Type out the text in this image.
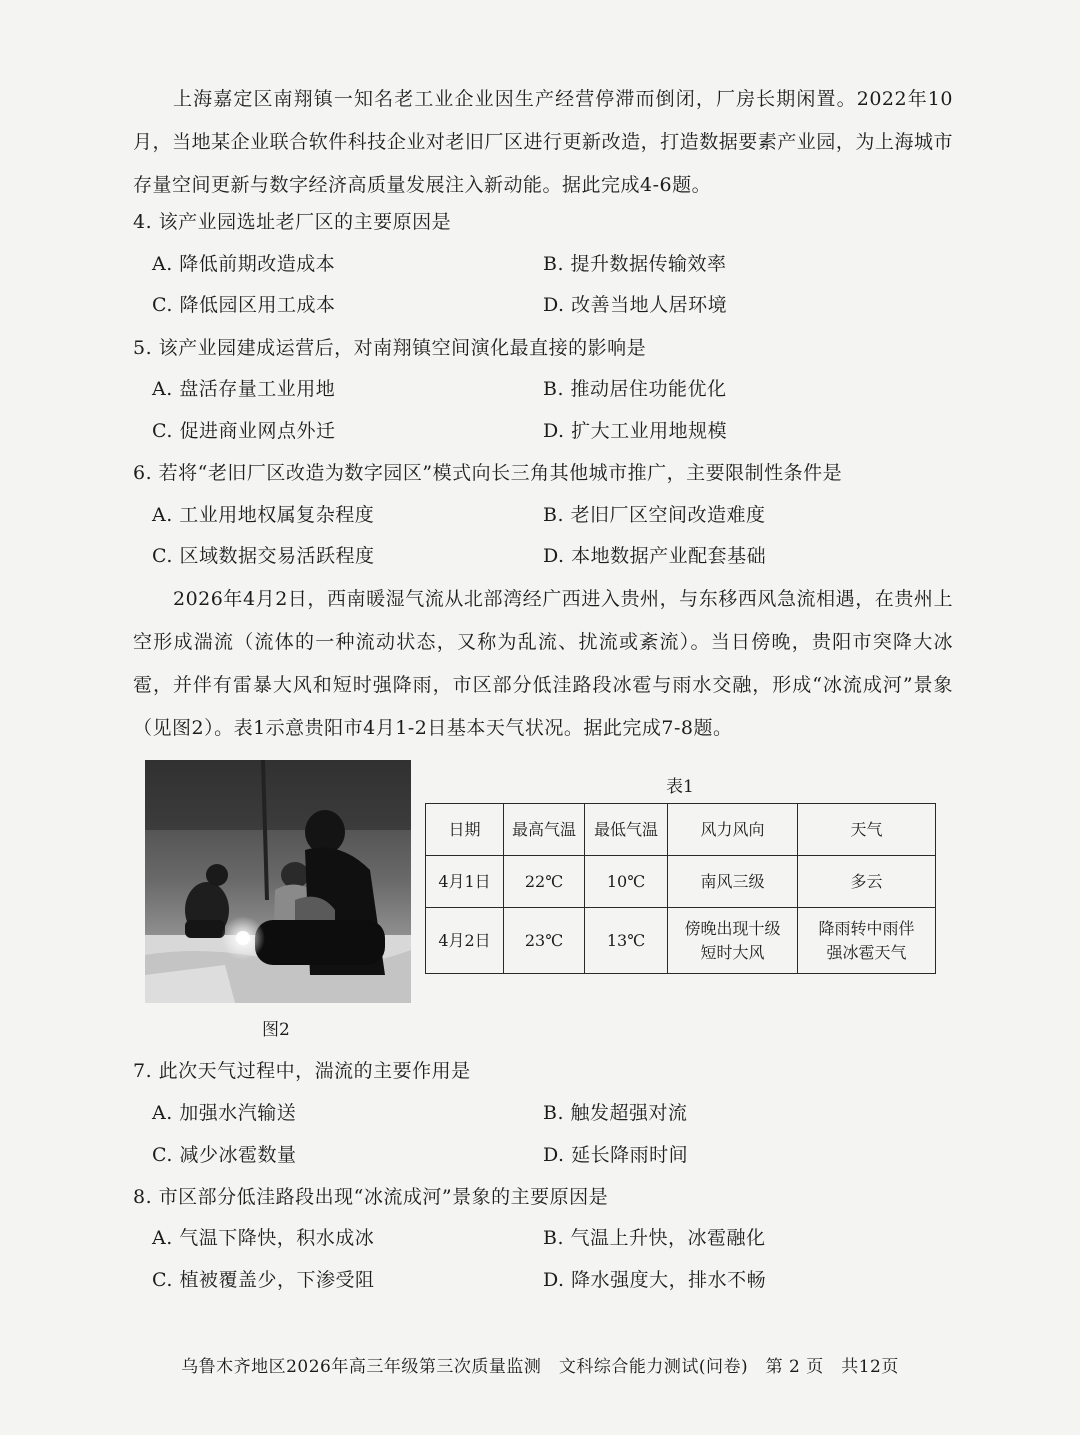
上海嘉定区南翔镇一知名老工业企业因生产经营停滞而倒闭，厂房长期闲置。2022年10月，当地某企业联合软件科技企业对老旧厂区进行更新改造，打造数据要素产业园，为上海城市存量空间更新与数字经济高质量发展注入新动能。据此完成4-6题。
4. 该产业园选址老厂区的主要原因是
A. 降低前期改造成本	B. 提升数据传输效率
C. 降低园区用工成本	D. 改善当地人居环境
5. 该产业园建成运营后，对南翔镇空间演化最直接的影响是
A. 盘活存量工业用地	B. 推动居住功能优化
C. 促进商业网点外迁	D. 扩大工业用地规模
6. 若将“老旧厂区改造为数字园区”模式向长三角其他城市推广，主要限制性条件是
A. 工业用地权属复杂程度	B. 老旧厂区空间改造难度
C. 区域数据交易活跃程度	D. 本地数据产业配套基础
2026年4月2日，西南暖湿气流从北部湾经广西进入贵州，与东移西风急流相遇，在贵州上空形成湍流（流体的一种流动状态，又称为乱流、扰流或紊流）。当日傍晚，贵阳市突降大冰雹，并伴有雷暴大风和短时强降雨，市区部分低洼路段冰雹与雨水交融，形成“冰流成河”景象（见图2）。表1示意贵阳市4月1-2日基本天气状况。据此完成7-8题。
图2
表1
日期	最高气温	最低气温	风力风向	天气
4月1日	22℃	10℃	南风三级	多云
4月2日	23℃	13℃	傍晚出现十级短时大风	降雨转中雨伴强冰雹天气
7. 此次天气过程中，湍流的主要作用是
A. 加强水汽输送	B. 触发超强对流
C. 减少冰雹数量	D. 延长降雨时间
8. 市区部分低洼路段出现“冰流成河”景象的主要原因是
A. 气温下降快，积水成冰	B. 气温上升快，冰雹融化
C. 植被覆盖少，下渗受阻	D. 降水强度大，排水不畅
乌鲁木齐地区2026年高三年级第三次质量监测　文科综合能力测试(问卷)　第 2 页　共12页
